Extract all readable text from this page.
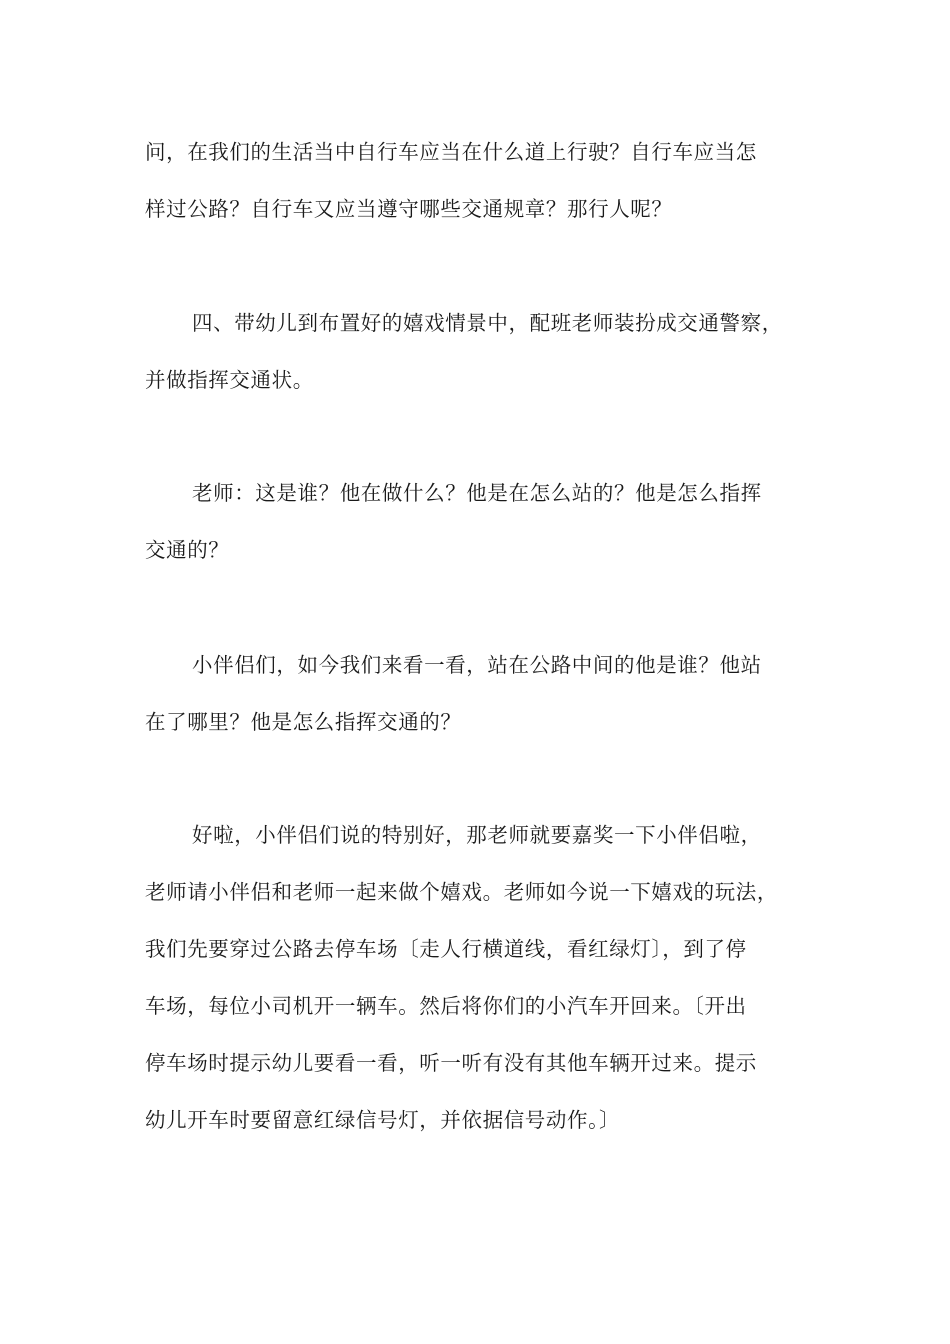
问，在我们的生活当中自行车应当在什么道上行驶？自行车应当怎
样过公路？自行车又应当遵守哪些交通规章？那行人呢？
四、带幼儿到布置好的嬉戏情景中，配班老师装扮成交通警察，
并做指挥交通状。
老师：这是谁？他在做什么？他是在怎么站的？他是怎么指挥
交通的？
小伴侣们，如今我们来看一看，站在公路中间的他是谁？他站
在了哪里？他是怎么指挥交通的？
好啦，小伴侣们说的特别好，那老师就要嘉奖一下小伴侣啦，
老师请小伴侣和老师一起来做个嬉戏。老师如今说一下嬉戏的玩法，
我们先要穿过公路去停车场〔走人行横道线，看红绿灯〕，到了停
车场，每位小司机开一辆车。然后将你们的小汽车开回来。〔开出
停车场时提示幼儿要看一看，听一听有没有其他车辆开过来。提示
幼儿开车时要留意红绿信号灯，并依据信号动作。〕
